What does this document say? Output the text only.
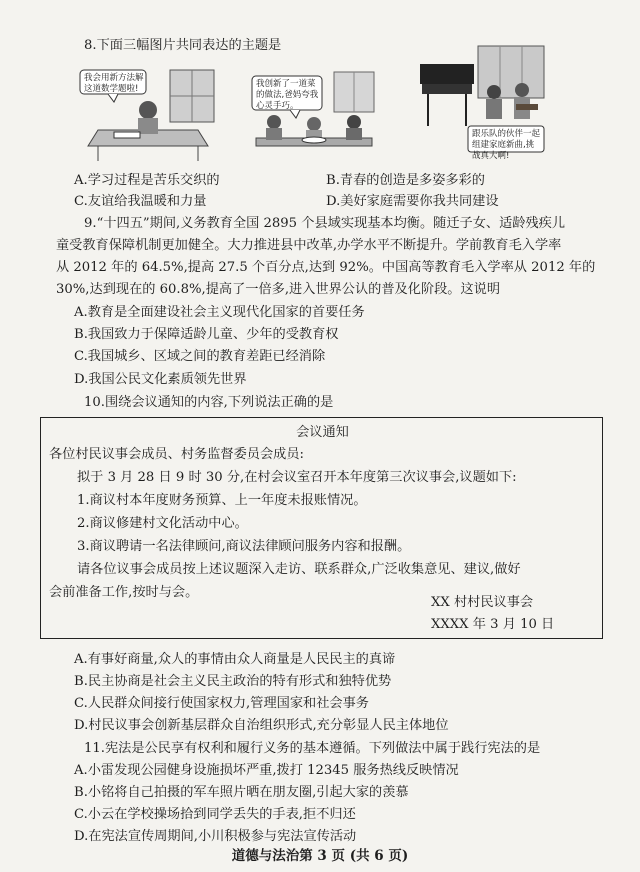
8.下面三幅图片共同表达的主题是
我会用新方法解这道数学题啦!	我创新了一道菜的做法,爸妈夸我心灵手巧。
跟乐队的伙伴一起组建家庭新曲,挑战真大啊!
A.学习过程是苦乐交织的	B.青春的创造是多姿多彩的
C.友谊给我温暖和力量	D.美好家庭需要你我共同建设
9.“十四五”期间,义务教育全国 2895 个县域实现基本均衡。随迁子女、适龄残疾儿
童受教育保障机制更加健全。大力推进县中改革,办学水平不断提升。学前教育毛入学率
从 2012 年的 64.5%,提高 27.5 个百分点,达到 92%。中国高等教育毛入学率从 2012 年的
30%,达到现在的 60.8%,提高了一倍多,进入世界公认的普及化阶段。这说明
A.教育是全面建设社会主义现代化国家的首要任务
B.我国致力于保障适龄儿童、少年的受教育权
C.我国城乡、区域之间的教育差距已经消除
D.我国公民文化素质领先世界
10.围绕会议通知的内容,下列说法正确的是
会议通知
各位村民议事会成员、村务监督委员会成员:
拟于 3 月 28 日 9 时 30 分,在村会议室召开本年度第三次议事会,议题如下:
1.商议村本年度财务预算、上一年度未报账情况。
2.商议修建村文化活动中心。
3.商议聘请一名法律顾问,商议法律顾问服务内容和报酬。
请各位议事会成员按上述议题深入走访、联系群众,广泛收集意见、建议,做好
会前准备工作,按时与会。
XX 村村民议事会
XXXX 年 3 月 10 日
A.有事好商量,众人的事情由众人商量是人民民主的真谛
B.民主协商是社会主义民主政治的特有形式和独特优势
C.人民群众间接行使国家权力,管理国家和社会事务
D.村民议事会创新基层群众自治组织形式,充分彰显人民主体地位
11.宪法是公民享有权利和履行义务的基本遵循。下列做法中属于践行宪法的是
A.小雷发现公园健身设施损坏严重,拨打 12345 服务热线反映情况
B.小铭将自己拍摄的军车照片晒在朋友圈,引起大家的羡慕
C.小云在学校操场拾到同学丢失的手表,拒不归还
D.在宪法宣传周期间,小川积极参与宪法宣传活动
道德与法治第 3 页 (共 6 页)
